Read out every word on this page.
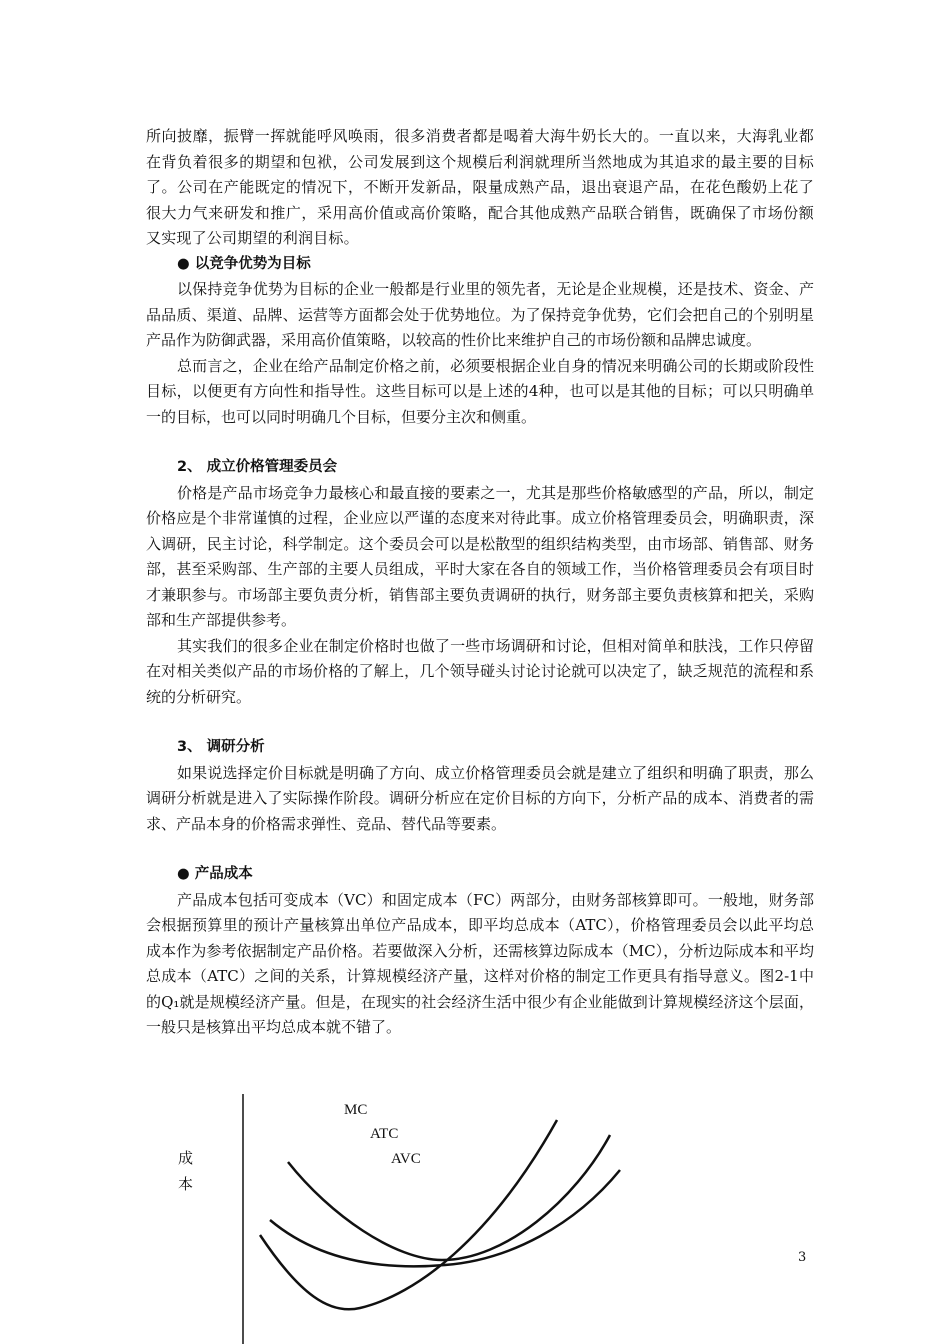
所向披靡，振臂一挥就能呼风唤雨，很多消费者都是喝着大海牛奶长大的。一直以来，大海乳业都在背负着很多的期望和包袱，公司发展到这个规模后利润就理所当然地成为其追求的最主要的目标了。公司在产能既定的情况下，不断开发新品，限量成熟产品，退出衰退产品，在花色酸奶上花了很大力气来研发和推广，采用高价值或高价策略，配合其他成熟产品联合销售，既确保了市场份额又实现了公司期望的利润目标。

● 以竞争优势为目标

以保持竞争优势为目标的企业一般都是行业里的领先者，无论是企业规模，还是技术、资金、产品品质、渠道、品牌、运营等方面都会处于优势地位。为了保持竞争优势，它们会把自己的个别明星产品作为防御武器，采用高价值策略，以较高的性价比来维护自己的市场份额和品牌忠诚度。

总而言之，企业在给产品制定价格之前，必须要根据企业自身的情况来明确公司的长期或阶段性目标，以便更有方向性和指导性。这些目标可以是上述的4种，也可以是其他的目标；可以只明确单一的目标，也可以同时明确几个目标，但要分主次和侧重。

2、 成立价格管理委员会

价格是产品市场竞争力最核心和最直接的要素之一，尤其是那些价格敏感型的产品，所以，制定价格应是个非常谨慎的过程，企业应以严谨的态度来对待此事。成立价格管理委员会，明确职责，深入调研，民主讨论，科学制定。这个委员会可以是松散型的组织结构类型，由市场部、销售部、财务部，甚至采购部、生产部的主要人员组成，平时大家在各自的领域工作，当价格管理委员会有项目时才兼职参与。市场部主要负责分析，销售部主要负责调研的执行，财务部主要负责核算和把关，采购部和生产部提供参考。

其实我们的很多企业在制定价格时也做了一些市场调研和讨论，但相对简单和肤浅，工作只停留在对相关类似产品的市场价格的了解上，几个领导碰头讨论讨论就可以决定了，缺乏规范的流程和系统的分析研究。

3、 调研分析

如果说选择定价目标就是明确了方向、成立价格管理委员会就是建立了组织和明确了职责，那么调研分析就是进入了实际操作阶段。调研分析应在定价目标的方向下，分析产品的成本、消费者的需求、产品本身的价格需求弹性、竞品、替代品等要素。

● 产品成本

产品成本包括可变成本（VC）和固定成本（FC）两部分，由财务部核算即可。一般地，财务部会根据预算里的预计产量核算出单位产品成本，即平均总成本（ATC），价格管理委员会以此平均总成本作为参考依据制定产品价格。若要做深入分析，还需核算边际成本（MC），分析边际成本和平均总成本（ATC）之间的关系，计算规模经济产量，这样对价格的制定工作更具有指导意义。图2-1中的Q₁就是规模经济产量。但是，在现实的社会经济生活中很少有企业能做到计算规模经济这个层面，一般只是核算出平均总成本就不错了。

成
本
MC
ATC
AVC
3
